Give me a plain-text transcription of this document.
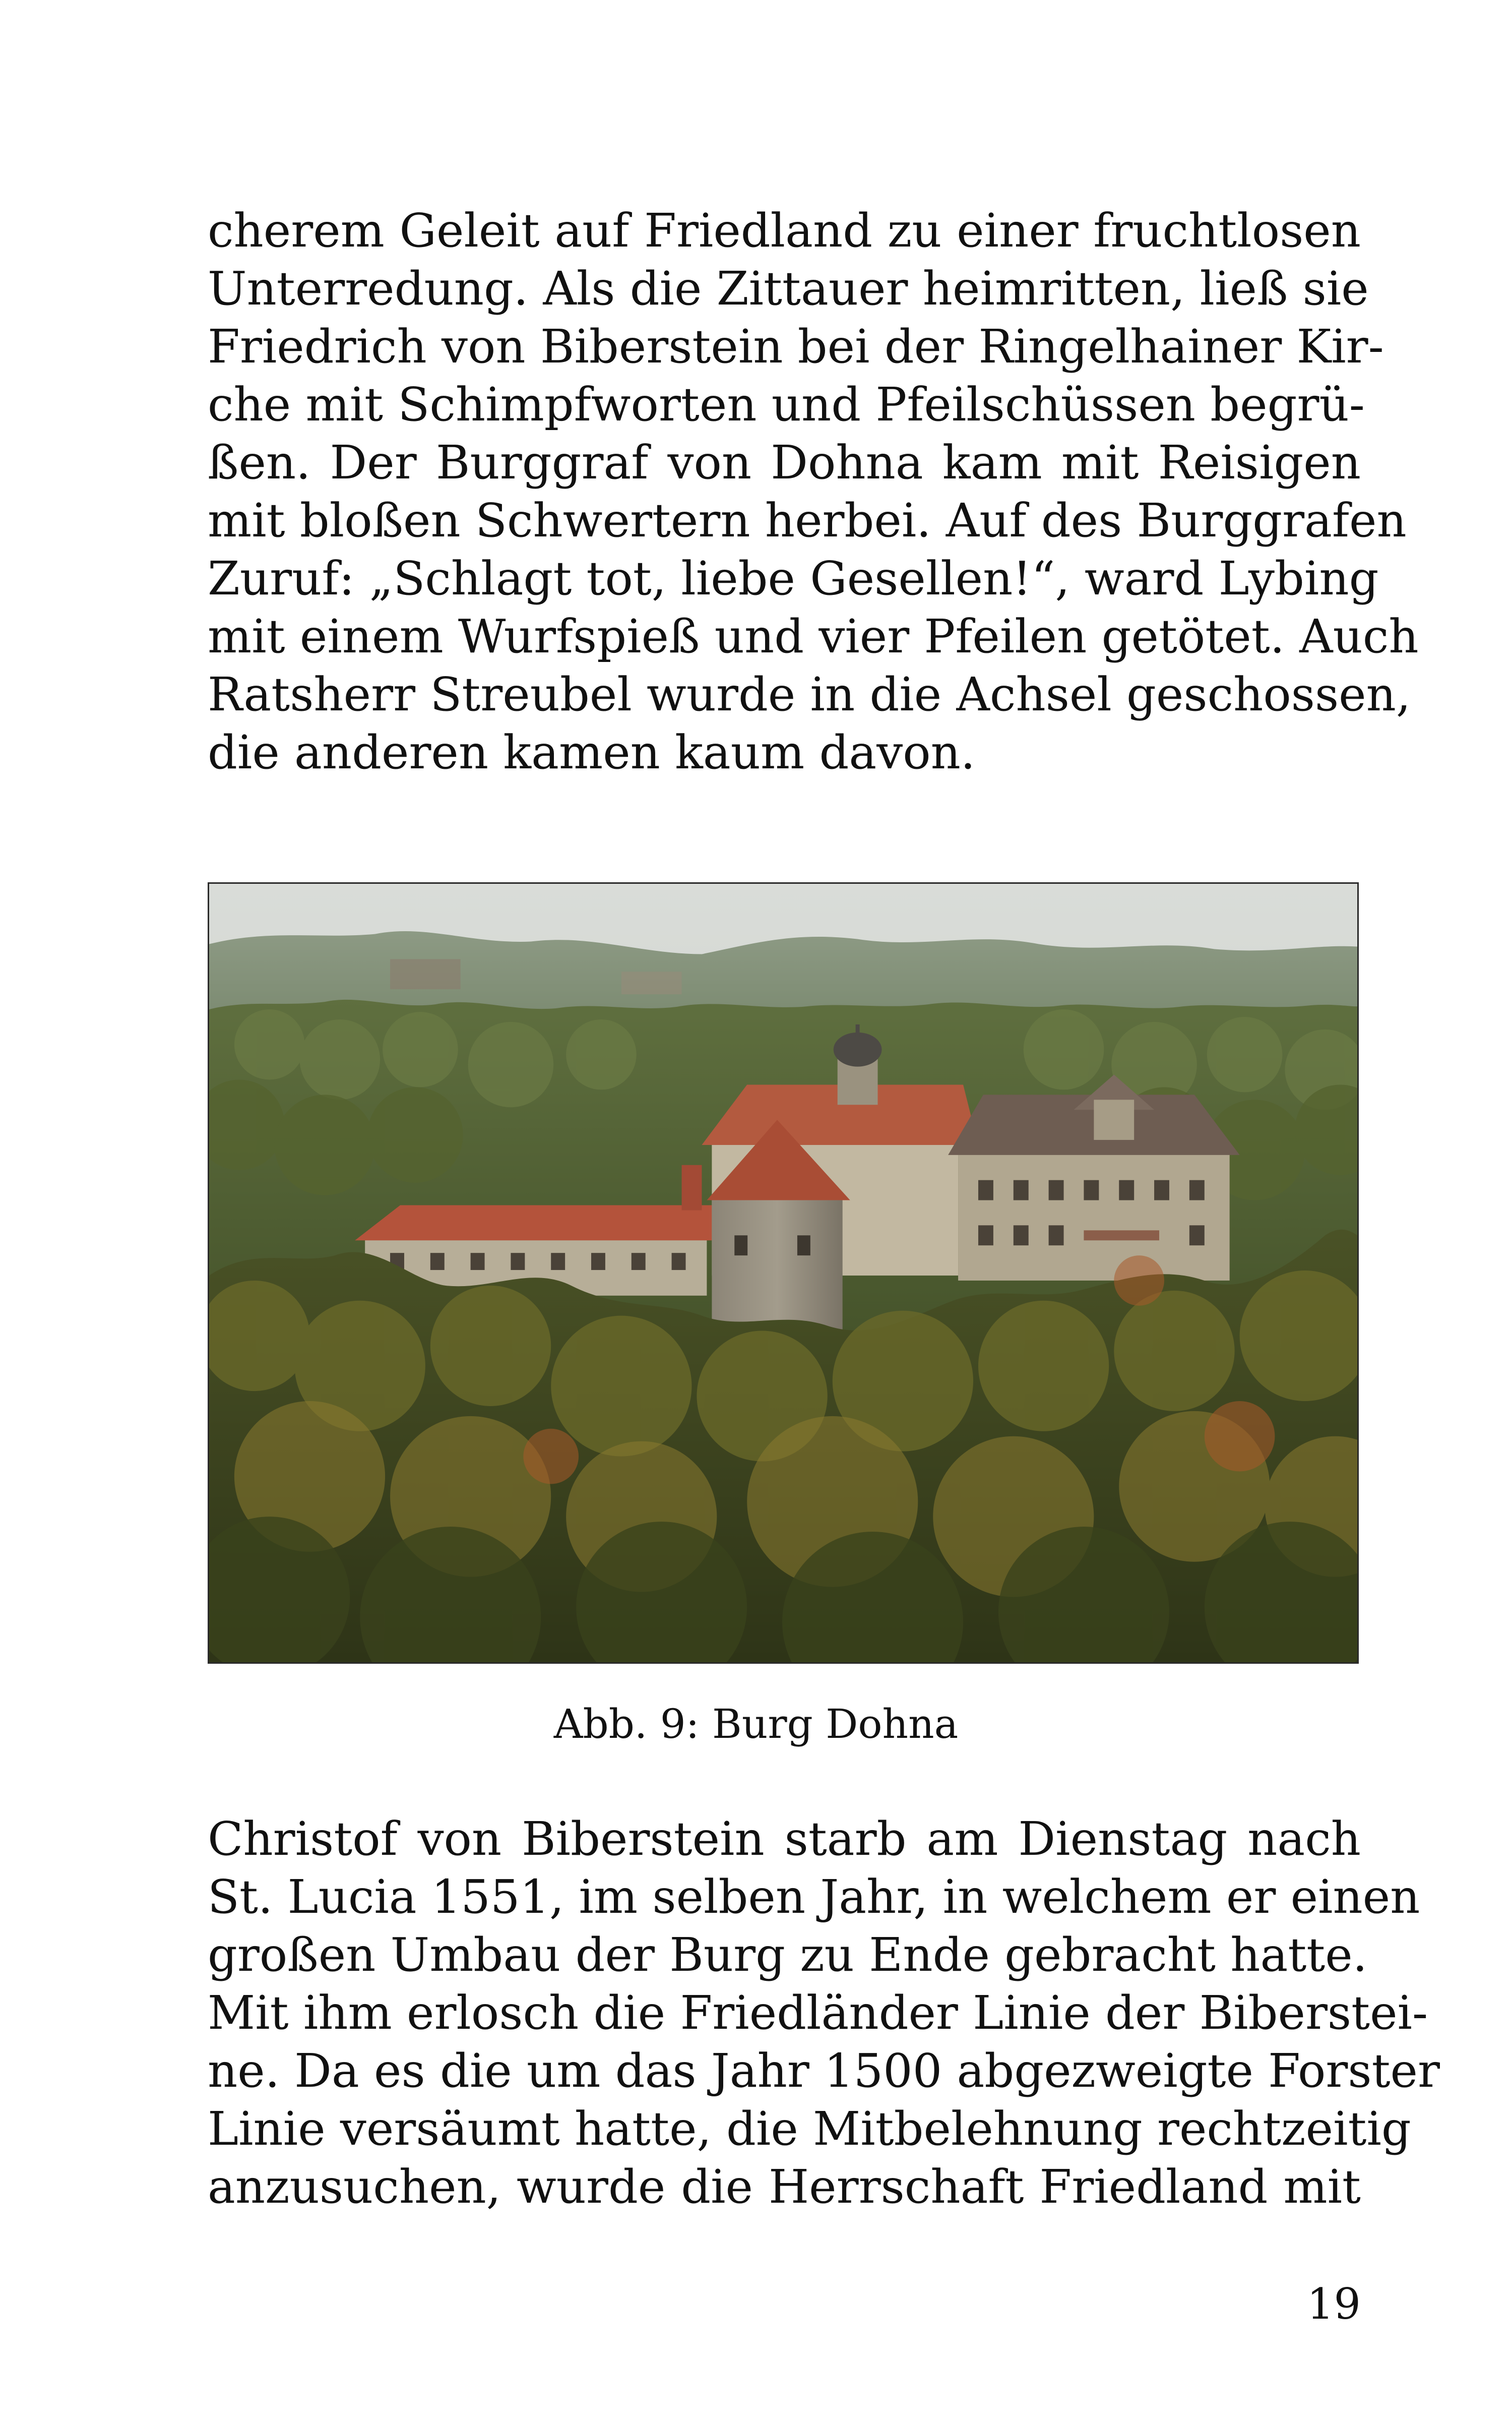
cherem Geleit auf Friedland zu einer fruchtlosen
Unterredung. Als die Zittauer heimritten, ließ sie
Friedrich von Biberstein bei der Ringelhainer Kir-
che mit Schimpfworten und Pfeilschüssen begrü-
ßen. Der Burggraf von Dohna kam mit Reisigen
mit bloßen Schwertern herbei. Auf des Burggrafen
Zuruf: „Schlagt tot, liebe Gesellen!“, ward Lybing
mit einem Wurfspieß und vier Pfeilen getötet. Auch
Ratsherr Streubel wurde in die Achsel geschossen,
die anderen kamen kaum davon.
Abb. 9: Burg Dohna
Christof von Biberstein starb am Dienstag nach
St. Lucia 1551, im selben Jahr, in welchem er einen
großen Umbau der Burg zu Ende gebracht hatte.
Mit ihm erlosch die Friedländer Linie der Biberstei-
ne. Da es die um das Jahr 1500 abgezweigte Forster
Linie versäumt hatte, die Mitbelehnung rechtzeitig
anzusuchen, wurde die Herrschaft Friedland mit
19
